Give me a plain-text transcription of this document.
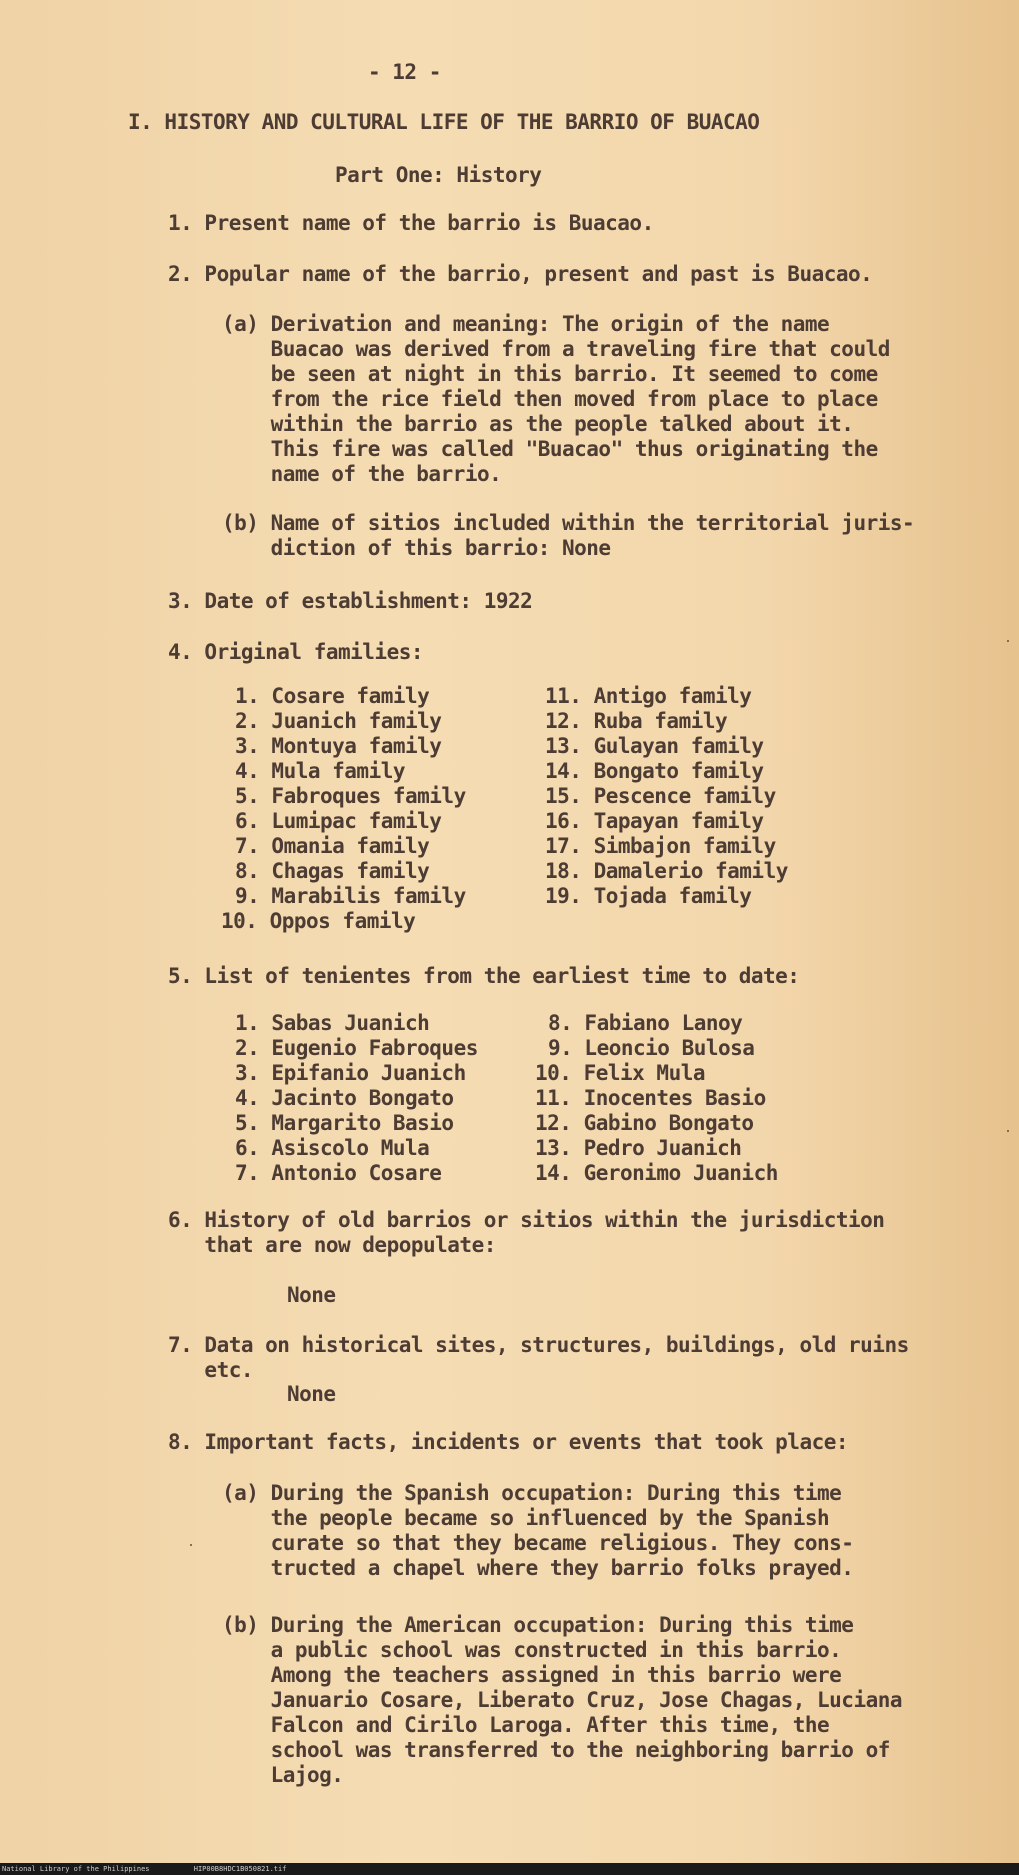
- 12 -

I. HISTORY AND CULTURAL LIFE OF THE BARRIO OF BUACAO

Part One: History

1. Present name of the barrio is Buacao.

2. Popular name of the barrio, present and past is Buacao.

(a) Derivation and meaning: The origin of the name
Buacao was derived from a traveling fire that could
be seen at night in this barrio. It seemed to come
from the rice field then moved from place to place
within the barrio as the people talked about it.
This fire was called "Buacao" thus originating the
name of the barrio.

(b) Name of sitios included within the territorial juris-
diction of this barrio: None

3. Date of establishment: 1922

4. Original families:

1. Cosare family
2. Juanich family
3. Montuya family
4. Mula family
5. Fabroques family
6. Lumipac family
7. Omania family
8. Chagas family
9. Marabilis family
10. Oppos family
11. Antigo family
12. Ruba family
13. Gulayan family
14. Bongato family
15. Pescence family
16. Tapayan family
17. Simbajon family
18. Damalerio family
19. Tojada family

5. List of tenientes from the earliest time to date:

1. Sabas Juanich
2. Eugenio Fabroques
3. Epifanio Juanich
4. Jacinto Bongato
5. Margarito Basio
6. Asiscolo Mula
7. Antonio Cosare
8. Fabiano Lanoy
9. Leoncio Bulosa
10. Felix Mula
11. Inocentes Basio
12. Gabino Bongato
13. Pedro Juanich
14. Geronimo Juanich

6. History of old barrios or sitios within the jurisdiction
that are now depopulate:

None

7. Data on historical sites, structures, buildings, old ruins
etc.

None

8. Important facts, incidents or events that took place:

(a) During the Spanish occupation: During this time
the people became so influenced by the Spanish
curate so that they became religious. They cons-
tructed a chapel where they barrio folks prayed.

(b) During the American occupation: During this time
a public school was constructed in this barrio.
Among the teachers assigned in this barrio were
Januario Cosare, Liberato Cruz, Jose Chagas, Luciana
Falcon and Cirilo Laroga. After this time, the
school was transferred to the neighboring barrio of
Lajog.

National Library of the Philippines	HIP00B8HDC1B050821.tif
